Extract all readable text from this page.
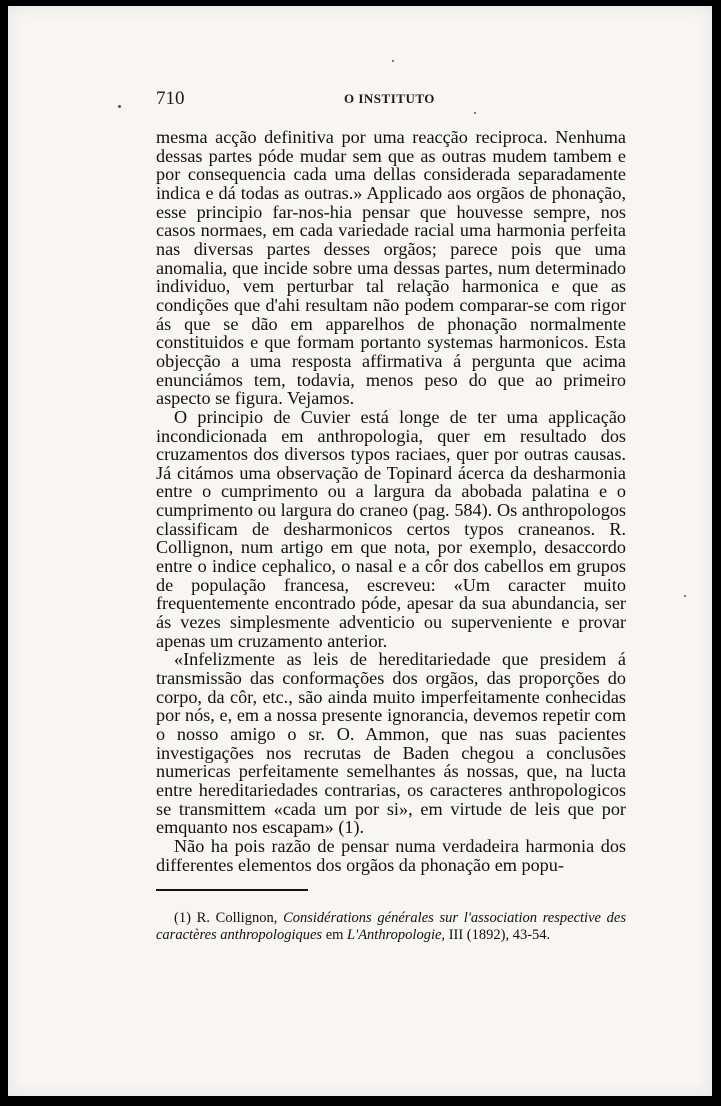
710	O INSTITUTO

mesma acção definitiva por uma reacção reciproca. Nenhuma dessas partes póde mudar sem que as outras mudem tambem e por consequencia cada uma dellas considerada separadamente indica e dá todas as outras.» Applicado aos orgãos de phonação, esse principio far-nos-hia pensar que houvesse sempre, nos casos normaes, em cada variedade racial uma harmonia perfeita nas diversas partes desses orgãos; parece pois que uma anomalia, que incide sobre uma dessas partes, num determinado individuo, vem perturbar tal relação harmonica e que as condições que d'ahi resultam não podem comparar-se com rigor ás que se dão em apparelhos de phonação normalmente constituidos e que formam portanto systemas harmonicos. Esta objecção a uma resposta affirmativa á pergunta que acima enunciámos tem, todavia, menos peso do que ao primeiro aspecto se figura. Vejamos.

O principio de Cuvier está longe de ter uma applicação incondicionada em anthropologia, quer em resultado dos cruzamentos dos diversos typos raciaes, quer por outras causas. Já citámos uma observação de Topinard ácerca da desharmonia entre o cumprimento ou a largura da abobada palatina e o cumprimento ou largura do craneo (pag. 584). Os anthropologos classificam de desharmonicos certos typos craneanos. R. Collignon, num artigo em que nota, por exemplo, desaccordo entre o indice cephalico, o nasal e a côr dos cabellos em grupos de população francesa, escreveu: «Um caracter muito frequentemente encontrado póde, apesar da sua abundancia, ser ás vezes simplesmente adventicio ou superveniente e provar apenas um cruzamento anterior.

«Infelizmente as leis de hereditariedade que presidem á transmissão das conformações dos orgãos, das proporções do corpo, da côr, etc., são ainda muito imperfeitamente conhecidas por nós, e, em a nossa presente ignorancia, devemos repetir com o nosso amigo o sr. O. Ammon, que nas suas pacientes investigações nos recrutas de Baden chegou a conclusões numericas perfeitamente semelhantes ás nossas, que, na lucta entre hereditariedades contrarias, os caracteres anthropologicos se transmittem «cada um por si», em virtude de leis que por emquanto nos escapam» (1).

Não ha pois razão de pensar numa verdadeira harmonia dos differentes elementos dos orgãos da phonação em popu-

(1) R. Collignon, Considérations générales sur l'association respective des caractères anthropologiques em L'Anthropologie, III (1892), 43-54.
